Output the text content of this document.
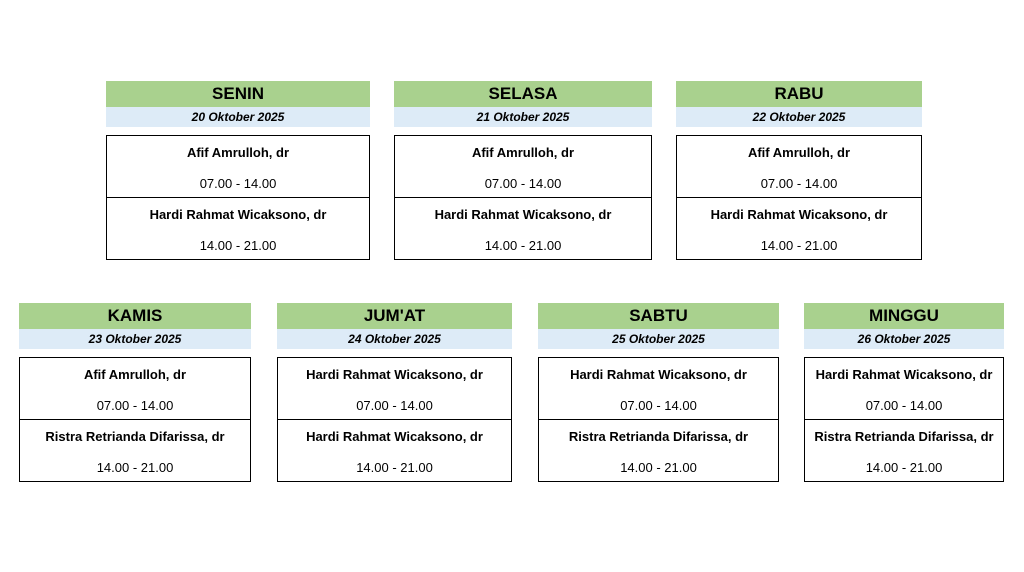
SENIN
20 Oktober 2025
Afif Amrulloh, dr
07.00 - 14.00
Hardi Rahmat Wicaksono, dr
14.00 - 21.00
SELASA
21 Oktober 2025
Afif Amrulloh, dr
07.00 - 14.00
Hardi Rahmat Wicaksono, dr
14.00 - 21.00
RABU
22 Oktober 2025
Afif Amrulloh, dr
07.00 - 14.00
Hardi Rahmat Wicaksono, dr
14.00 - 21.00
KAMIS
23 Oktober 2025
Afif Amrulloh, dr
07.00 - 14.00
Ristra Retrianda Difarissa, dr
14.00 - 21.00
JUM'AT
24 Oktober 2025
Hardi Rahmat Wicaksono, dr
07.00 - 14.00
Hardi Rahmat Wicaksono, dr
14.00 - 21.00
SABTU
25 Oktober 2025
Hardi Rahmat Wicaksono, dr
07.00 - 14.00
Ristra Retrianda Difarissa, dr
14.00 - 21.00
MINGGU
26 Oktober 2025
Hardi Rahmat Wicaksono, dr
07.00 - 14.00
Ristra Retrianda Difarissa, dr
14.00 - 21.00
